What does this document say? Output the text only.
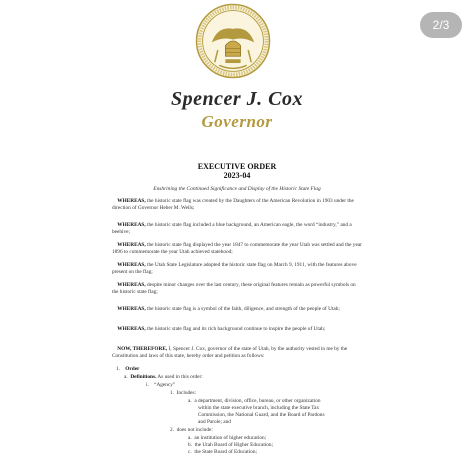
2/3
Spencer J. Cox
Governor
EXECUTIVE ORDER
2023-04
Enshrining the Continued Significance and Display of the Historic State Flag
 WHEREAS, the historic state flag was created by the Daughters of the American Revolution in 1903 under the direction of Governor Heber M. Wells;
 WHEREAS, the historic state flag included a blue background, an American eagle, the word “industry,” and a beehive;
 WHEREAS, the historic state flag displayed the year 1847 to commemorate the year Utah was settled and the year 1896 to commemorate the year Utah achieved statehood;
 WHEREAS, the Utah State Legislature adopted the historic state flag on March 9, 1911, with the features above present on the flag;
 WHEREAS, despite minor changes over the last century, these original features remain as powerful symbols on the historic state flag;
 WHEREAS, the historic state flag is a symbol of the faith, diligence, and strength of the people of Utah;
 WHEREAS, the historic state flag and its rich background continue to inspire the people of Utah;
 NOW, THEREFORE, I, Spencer J. Cox, governor of the state of Utah, by the authority vested in me by the Constitution and laws of this state, hereby order and petition as follows:
1.   Order
a.  Definitions. As used in this order:
i.   “Agency”
1.  Includes:
a.  a department, division, office, bureau, or other organization
within the state executive branch, including the State Tax
Commission, the National Guard, and the Board of Pardons
and Parole; and
2.  does not include:
a.  an institution of higher education;
b.  the Utah Board of Higher Education;
c.  the State Board of Education;
